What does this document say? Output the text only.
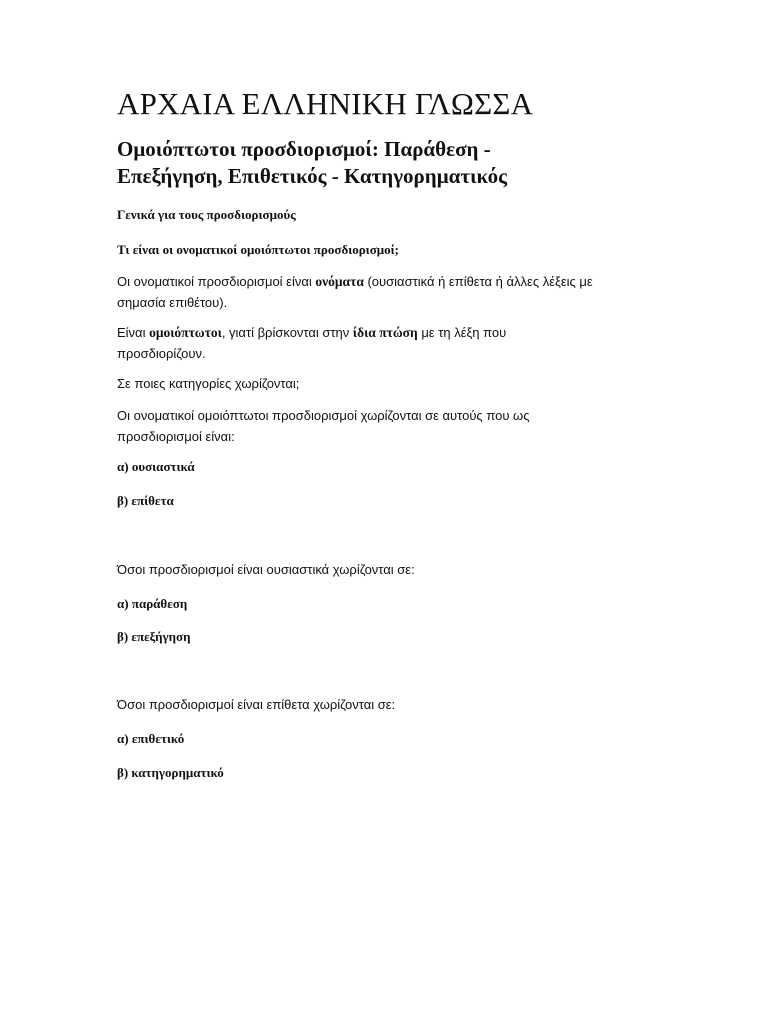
ΑΡΧΑΙΑ ΕΛΛΗΝΙΚΗ ΓΛΩΣΣΑ
Ομοιόπτωτοι προσδιορισμοί: Παράθεση -
Επεξήγηση, Επιθετικός - Κατηγορηματικός

Γενικά για τους προσδιορισμούς

Τι είναι οι ονοματικοί ομοιόπτωτοι προσδιορισμοί;

Οι ονοματικοί προσδιορισμοί είναι ονόματα (ουσιαστικά ή επίθετα ή άλλες λέξεις με
σημασία επιθέτου).

Είναι ομοιόπτωτοι, γιατί βρίσκονται στην ίδια πτώση με τη λέξη που
προσδιορίζουν.

Σε ποιες κατηγορίες χωρίζονται;

Οι ονοματικοί ομοιόπτωτοι προσδιορισμοί χωρίζονται σε αυτούς που ως
προσδιορισμοί είναι:

α) ουσιαστικά

β) επίθετα

Όσοι προσδιορισμοί είναι ουσιαστικά χωρίζονται σε:

α) παράθεση

β) επεξήγηση

Όσοι προσδιορισμοί είναι επίθετα χωρίζονται σε:

α) επιθετικό

β) κατηγορηματικό
